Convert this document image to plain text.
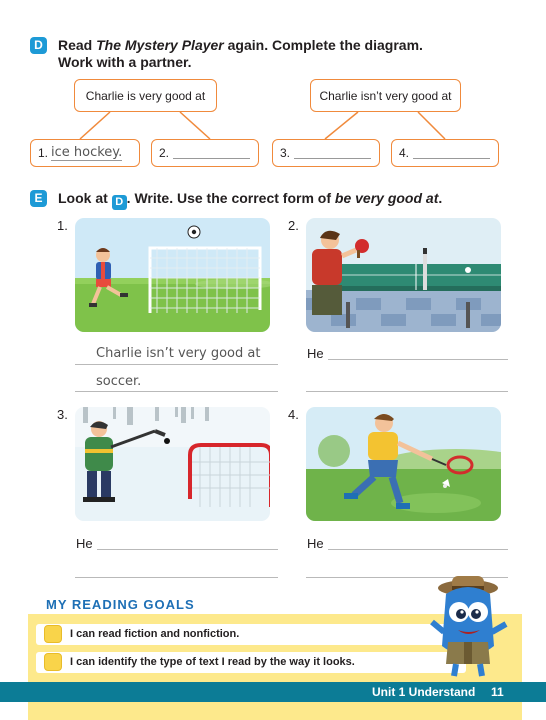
D Read The Mystery Player again. Complete the diagram.
Work with a partner.
Charlie is very good at	Charlie isn’t very good at
1. ice hockey.	2.	3.	4.
E	Look at D . Write. Use the correct form of be very good at.
1.
Charlie isn’t very good at
soccer.
2.
He
3.
He
4.
He
MY READING GOALS
I can read fiction and nonfiction.
I can identify the type of text I read by the way it looks.
Unit 1 Understand 11
